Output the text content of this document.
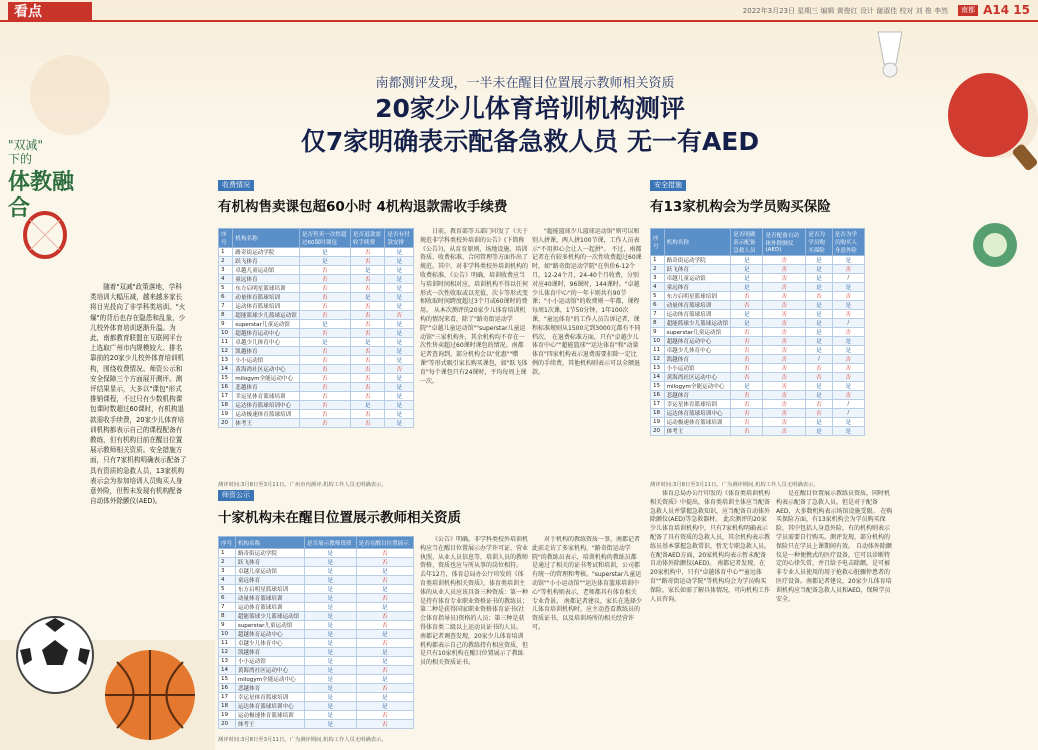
看点	2022年3月23日 星期三 编辑 黄俊红 设计 谢淑佳 校对 刘 俊 李然	南都 A14 15
南都测评发现，一半未在醒目位置展示教师相关资质
20家少儿体育培训机构测评
仅7家明确表示配备急救人员 无一有AED
"双减"
下的
体教融合

随着"双减"政策落地，学科类培训大幅压减，越来越多家长将目光投向了非学科类培训。"火爆"的背后也存在隐患和乱象，少儿校外体育培训逐渐升温。为此，南都教育联盟在互联网平台上选取广州市内规模较大、排名靠前的20家少儿校外体育培训机构，围绕收费情况、师资公示和安全保障三个方面展开测评。测评结果显示，大多以"课包"形式推销课程，不过只有少数机构课包课时数超过60课时，有机构退款需收手续费，20家少儿体育培训机构都表示自己的课程配备有教练，但有机构目前在醒目位置展示教师相关资质。安全措施方面，只有7家机构明确表示配备了具有资质的急救人员，13家机构表示会为参加培训人员购买人身意外险，但暂未发现有机构配备自动体外除颤仪(AED)。

收费情况
有机构售卖课包超60小时 4机构退款需收手续费
序号	机构名称	是否售卖一次性超过60课时课包	是否退款需收手续费	是否有付款安排
1	路奇街运动学院	是	否	是
2	跃飞体育	是	否	是
3	卓越儿童运动馆	否	是	是
4	童远体育	否	否	是
5	东方启明星篮球培训	否	否	是
6	动量体育篮球培训	否	是	是
7	运动体育篮球培训	否	否	是
8	超能篮球少儿篮球运动馆	否	否	否
9	superstar儿童运动馆	是	否	是
10	超越体育运动中心	否	否	是
11	卓越少儿体育中心	是	是	是
12	凯越体育	否	否	是
13	小小运动馆	否	否	是
14	黄海湾社区运动中心	否	否	否
15	milogym全能运动中心	否	否	是
16	悲越体育	否	否	是
17	幸运星体育篮球培训	否	否	是
18	运达体育篮球培训中心	否	是	是
19	运动极速体育篮球培训	否	否	是
20	体考王	否	否	是
测评时间:3月8日至3月11日。广州市内测评,机构工作人员无明确表示。

日前，教育部等五部门印发了《关于规范非学科类校外培训的公告》(下简称《公告》)，从育育原则、场地设施、培训资质、收费标准、合同管理等方面作出了规范。其中，对非学科类校外培训机构的收费标准，《公告》明确，培训收费应当与培训时间相对应，培训机构不得以任何形式一次性收取或以充值、次卡等形式变相收取时间跨度超过3个月或60课时的费用。 从本次测评的20家少儿体育培训机构的情况来看，除了"路奇街运动学院""卓越儿童运动馆""superstar儿童运动馆"三家机构外，其余机构均不存在一次性售卖超过60课时课包的情况。南都记者查询到，部分机构会以"优惠""赠课"等形式吸引家长购买课包，如"跃飞体育"每个课包只有24课时，平均每周上课一次。

"超能篮球少儿篮球运动馆"则可以和别人拼课，两人拼100节课，工作人员表示"不用担心会让人一起拼"。 不过，南都记者在有较多机构的一次性收费超过60课时，如"路奇街运动学院"在售价6-12个月，12-24个月，24-40个月收费，分别对应40课时，96课时，144课时。"卓越少儿体育中心"的一年卡则共有90节课；"小小运动馆"的收费则一年都，课程每周1次课，1节50分钟，1年100次课，"童远体育"的工作人员告诉记者，课程标准规则从1500元到3000元都有不同档次。 在退费标准方面，只有"卓越少儿体育中心""超能篮球""运达体育"和"动量体育"四家机构表示退费需要扣除一定比例的手续费，其他机构则表示可以全额退款。

师资公示
十家机构未在醒目位置展示教师相关资质
序号	机构名称	是否展示教师资质	是否在醒目位置展示
1	路奇街运动学院	是	否
2	跃飞体育	是	否
3	卓越儿童运动馆	是	是
4	童远体育	是	否
5	东方启明星篮球培训	是	是
6	动量体育篮球培训	是	否
7	运动体育篮球培训	是	是
8	超能篮球少儿篮球运动馆	是	否
9	superstar儿童运动馆	是	否
10	超越体育运动中心	是	是
11	卓越少儿体育中心	是	否
12	凯越体育	是	是
13	小小运动馆	是	是
14	黄海湾社区运动中心	是	否
15	milogym全能运动中心	是	是
16	悲越体育	是	否
17	幸运星体育篮球培训	是	是
18	运达体育篮球培训中心	是	是
19	运动极速体育篮球培训	是	否
20	体考王	是	否
测评时间:3月8日至3月11日。广为测评期间,机构工作人员无明确表示。

《公告》明确，非学科类校外培训机构应当在醒目位置展示办学许可证、营业执照、从业人员信息等，培训人员的教师资格、资质也应与所从事的岗位相符。 去年12月，体育总局办公厅印发的《体育类培训机构相关资质》，体育类培训主体的从业人员应该具备三种资质：第一种是持有体育专业职业资格证书的教练员；第二种是获得国家职业资格体育证书(社会体育指导员)资格的人员；第三种是获得体育类二级以上运动员证书的人员。 南都记者调查发现，20家少儿体育培训机构都表示自己的教练持有相应资质，但是只有10家机构在醒目位置展示了教练员的相关资质证书。

对于机构的教练资质一事，南都记者此前走访了多家机构，"路奇街运动学院"的教练员表示，培训机构的教练员都是通过了相关的证书考试和培训，公司都有统一的管理和考核。"superstar儿童运动馆""小小运动馆""运达体育篮球培训中心"等机构则表示，老师都具有体育相关专业背景。 南都记者建议，家长在选择少儿体育培训机构时，应主动查看教练员的资质证书，以及培训场所的相关经营许可。

安全措施
有13家机构会为学员购买保险
序号	机构名称	是否明确表示配备急救人员	是否配备自动体外除颤仪(AED)	是否为学员购买保险	是否为学员购买人身意外险
1	路奇街运动学院	是	否	是	是
2	跃飞体育	是	否	是	否
3	卓越儿童运动馆	是	否	是	/
4	童远体育	是	否	是	是
5	东方启明星篮球培训	否	否	否	否
6	动量体育篮球培训	否	否	是	是
7	运动体育篮球培训	是	否	是	否
8	超能篮球少儿篮球运动馆	是	否	是	/
9	superstar儿童运动馆	否	否	是	否
10	超越体育运动中心	否	否	是	是
11	卓越少儿体育中心	否	否	是	是
12	凯越体育	否	否	/	否
13	小小运动馆	否	否	否	否
14	黄海湾社区运动中心	否	否	否	否
15	milogym全能运动中心	是	否	是	是
16	悲越体育	否	否	是	否
17	幸运星体育篮球培训	否	否	否	/
18	运达体育篮球培训中心	否	否	否	/
19	运动极速体育篮球培训	否	否	是	是
20	体考王	否	否	是	是
测评时间:3月8日至3月11日。广为测评期间,机构工作人员无明确表示。

体育总局办公厅印发的《体育类培训机构相关资质》中提出，体育类培训主体应当配备急救人员并掌握急救知识，应当配备自动体外除颤仪(AED)等急救器材。 此次测评的20家少儿体育培训机构中，只有7家机构明确表示配备了具有资质的急救人员，其余机构表示教练员基本掌握急救常识，暂无专职急救人员。在配备AED方面，20家机构均表示暂未配备自动体外除颤仪(AED)。 南都记者发现，在20家机构中，只有"卓越体育中心""童远体育""路奇街运动学院"等机构均会为学员购买保险，家长如需了解具体情况，可向机构工作人员咨询。

是在醒目位置展示教练员资质，同时机构表示配备了急救人员，但是对于配备AED，大多数机构表示场馆设施受限。 在购买保险方面，有13家机构会为学员购买保险，其中包括人身意外险，有的机构则表示学员需要自行购买。测评发现，部分机构的保险只在学员上课期间有效。 自动体外除颤仪是一种便携式的医疗设备，它可以诊断特定的心律失常，并且给予电击除颤，是可被非专业人员使用的用于抢救心脏骤停患者的医疗设备。南都记者建议，20家少儿体育培训机构应当配备急救人员和AED，保障学员安全。
